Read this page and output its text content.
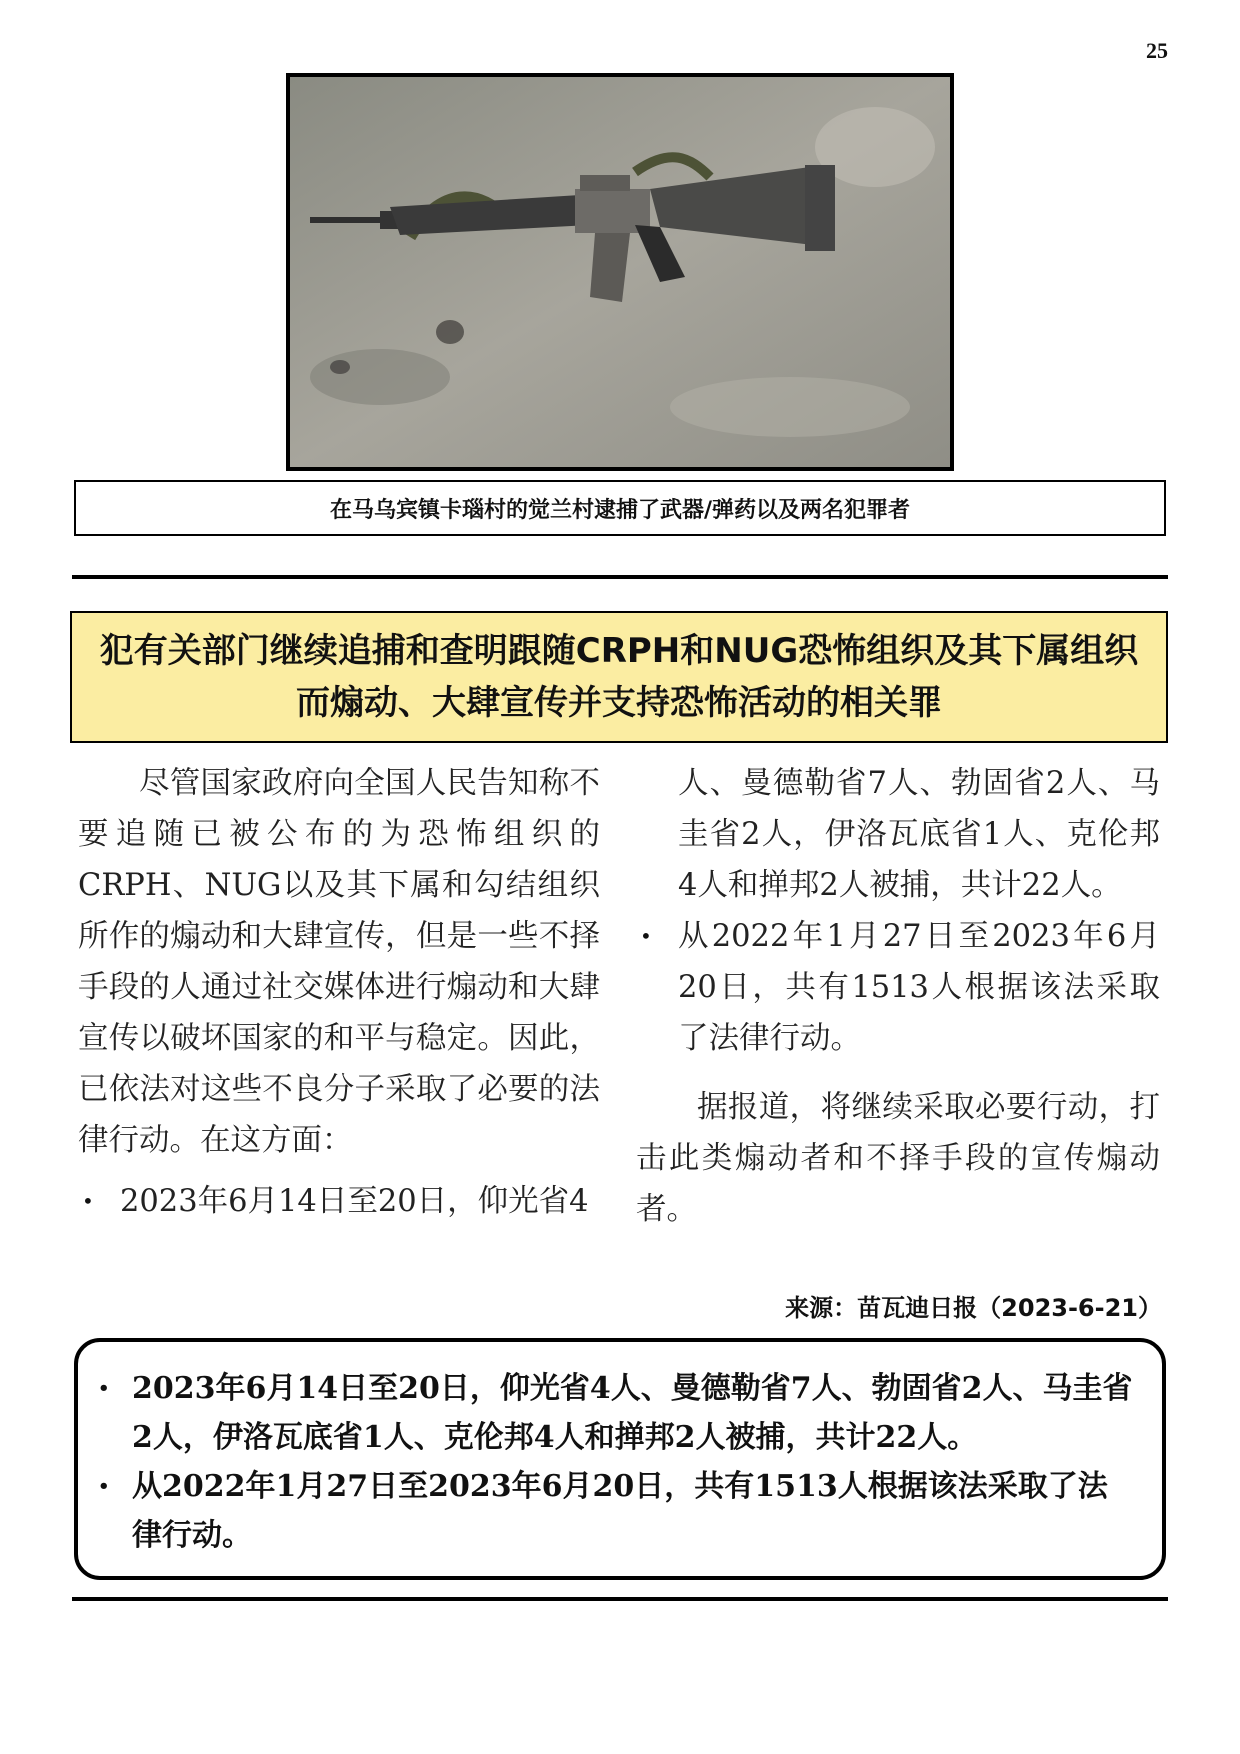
25
在马乌宾镇卡瑙村的觉兰村逮捕了武器/弹药以及两名犯罪者
犯有关部门继续追捕和查明跟随CRPH和NUG恐怖组织及其下属组织
而煽动、大肆宣传并支持恐怖活动的相关罪

尽管国家政府向全国人民告知称不要追随已被公布的为恐怖组织的CRPH、NUG以及其下属和勾结组织所作的煽动和大肆宣传，但是一些不择手段的人通过社交媒体进行煽动和大肆宣传以破坏国家的和平与稳定。因此，已依法对这些不良分子采取了必要的法律行动。在这方面：

• 2023年6月14日至20日，仰光省4

人、曼德勒省7人、勃固省2人、马圭省2人，伊洛瓦底省1人、克伦邦4人和掸邦2人被捕，共计22人。

• 从2022年1月27日至2023年6月20日，共有1513人根据该法采取了法律行动。

据报道，将继续采取必要行动，打击此类煽动者和不择手段的宣传煽动者。

来源：苗瓦迪日报（2023-6-21）
• 2023年6月14日至20日，仰光省4人、曼德勒省7人、勃固省2人、马圭省2人，伊洛瓦底省1人、克伦邦4人和掸邦2人被捕，共计22人。
• 从2022年1月27日至2023年6月20日，共有1513人根据该法采取了法律行动。
